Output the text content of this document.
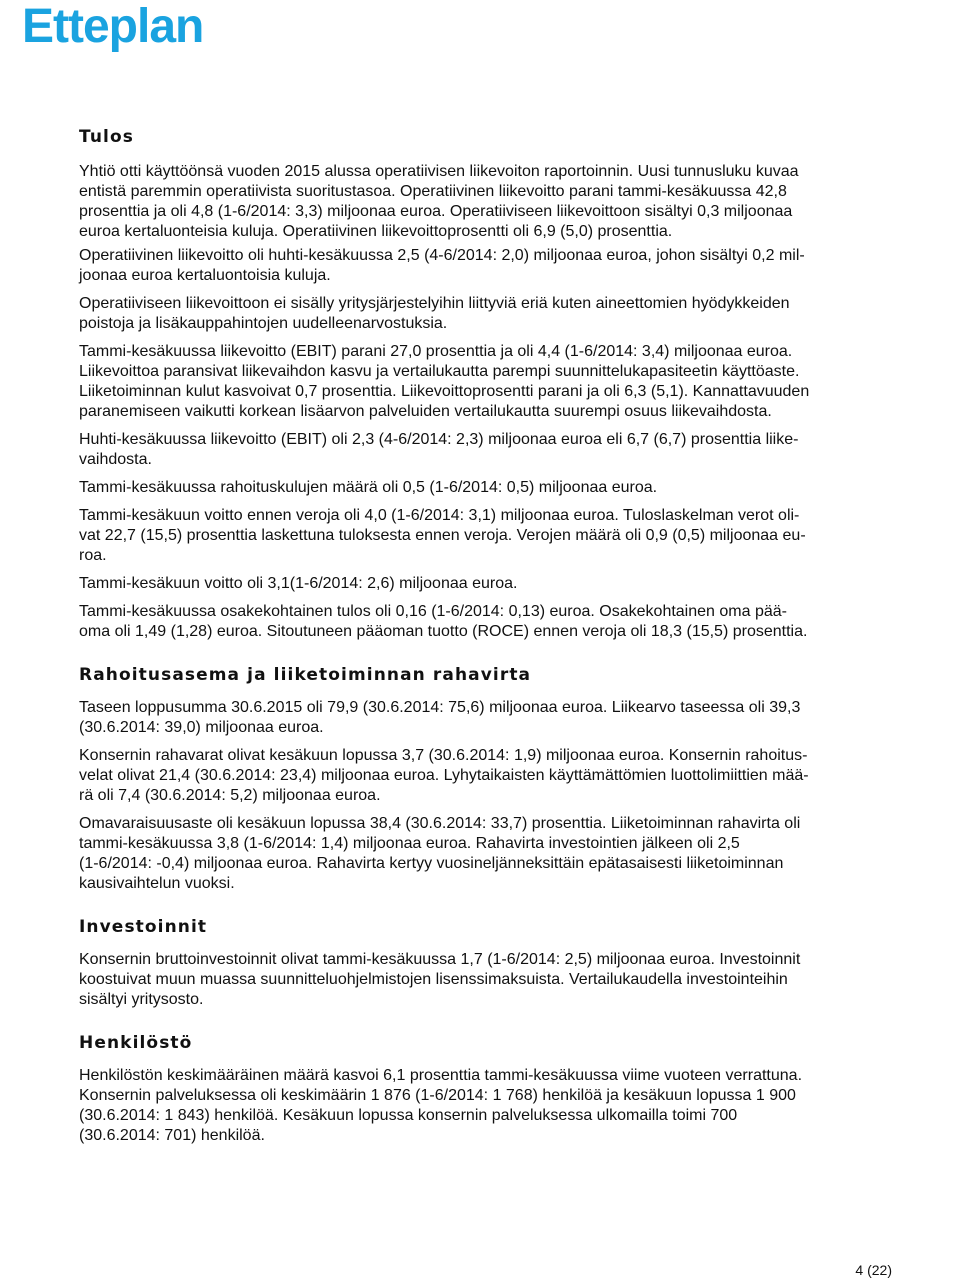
Etteplan
Tulos

Yhtiö otti käyttöönsä vuoden 2015 alussa operatiivisen liikevoiton raportoinnin. Uusi tunnusluku kuvaa
entistä paremmin operatiivista suoritustasoa. Operatiivinen liikevoitto parani tammi-kesäkuussa 42,8
prosenttia ja oli 4,8 (1-6/2014: 3,3) miljoonaa euroa. Operatiiviseen liikevoittoon sisältyi 0,3 miljoonaa
euroa kertaluonteisia kuluja. Operatiivinen liikevoittoprosentti oli 6,9 (5,0) prosenttia.

Operatiivinen liikevoitto oli huhti-kesäkuussa 2,5 (4-6/2014: 2,0) miljoonaa euroa, johon sisältyi 0,2 mil-
joonaa euroa kertaluontoisia kuluja.

Operatiiviseen liikevoittoon ei sisälly yritysjärjestelyihin liittyviä eriä kuten aineettomien hyödykkeiden
poistoja ja lisäkauppahintojen uudelleenarvostuksia.

Tammi-kesäkuussa liikevoitto (EBIT) parani 27,0 prosenttia ja oli 4,4 (1-6/2014: 3,4) miljoonaa euroa.
Liikevoittoa paransivat liikevaihdon kasvu ja vertailukautta parempi suunnittelukapasiteetin käyttöaste.
Liiketoiminnan kulut kasvoivat 0,7 prosenttia. Liikevoittoprosentti parani ja oli 6,3 (5,1). Kannattavuuden
paranemiseen vaikutti korkean lisäarvon palveluiden vertailukautta suurempi osuus liikevaihdosta.

Huhti-kesäkuussa liikevoitto (EBIT) oli 2,3 (4-6/2014: 2,3) miljoonaa euroa eli 6,7 (6,7) prosenttia liike-
vaihdosta.

Tammi-kesäkuussa rahoituskulujen määrä oli 0,5 (1-6/2014: 0,5) miljoonaa euroa.

Tammi-kesäkuun voitto ennen veroja oli 4,0 (1-6/2014: 3,1) miljoonaa euroa. Tuloslaskelman verot oli-
vat 22,7 (15,5) prosenttia laskettuna tuloksesta ennen veroja. Verojen määrä oli 0,9 (0,5) miljoonaa eu-
roa.

Tammi-kesäkuun voitto oli 3,1(1-6/2014: 2,6) miljoonaa euroa.

Tammi-kesäkuussa osakekohtainen tulos oli 0,16 (1-6/2014: 0,13) euroa. Osakekohtainen oma pää-
oma oli 1,49 (1,28) euroa. Sitoutuneen pääoman tuotto (ROCE) ennen veroja oli 18,3 (15,5) prosenttia.

Rahoitusasema ja liiketoiminnan rahavirta

Taseen loppusumma 30.6.2015 oli 79,9 (30.6.2014: 75,6) miljoonaa euroa. Liikearvo taseessa oli 39,3
(30.6.2014: 39,0) miljoonaa euroa.

Konsernin rahavarat olivat kesäkuun lopussa 3,7 (30.6.2014: 1,9) miljoonaa euroa. Konsernin rahoitus-
velat olivat 21,4 (30.6.2014: 23,4) miljoonaa euroa. Lyhytaikaisten käyttämättömien luottolimiittien mää-
rä oli 7,4 (30.6.2014: 5,2) miljoonaa euroa.

Omavaraisuusaste oli kesäkuun lopussa 38,4 (30.6.2014: 33,7) prosenttia. Liiketoiminnan rahavirta oli
tammi-kesäkuussa 3,8 (1-6/2014: 1,4) miljoonaa euroa. Rahavirta investointien jälkeen oli 2,5
(1-6/2014: -0,4) miljoonaa euroa. Rahavirta kertyy vuosineljänneksittäin epätasaisesti liiketoiminnan
kausivaihtelun vuoksi.

Investoinnit

Konsernin bruttoinvestoinnit olivat tammi-kesäkuussa 1,7 (1-6/2014: 2,5) miljoonaa euroa. Investoinnit
koostuivat muun muassa suunnitteluohjelmistojen lisenssimaksuista. Vertailukaudella investointeihin
sisältyi yritysosto.

Henkilöstö

Henkilöstön keskimääräinen määrä kasvoi 6,1 prosenttia tammi-kesäkuussa viime vuoteen verrattuna.
Konsernin palveluksessa oli keskimäärin 1 876 (1-6/2014: 1 768) henkilöä ja kesäkuun lopussa 1 900
(30.6.2014: 1 843) henkilöä. Kesäkuun lopussa konsernin palveluksessa ulkomailla toimi 700
(30.6.2014: 701) henkilöä.

4 (22)
